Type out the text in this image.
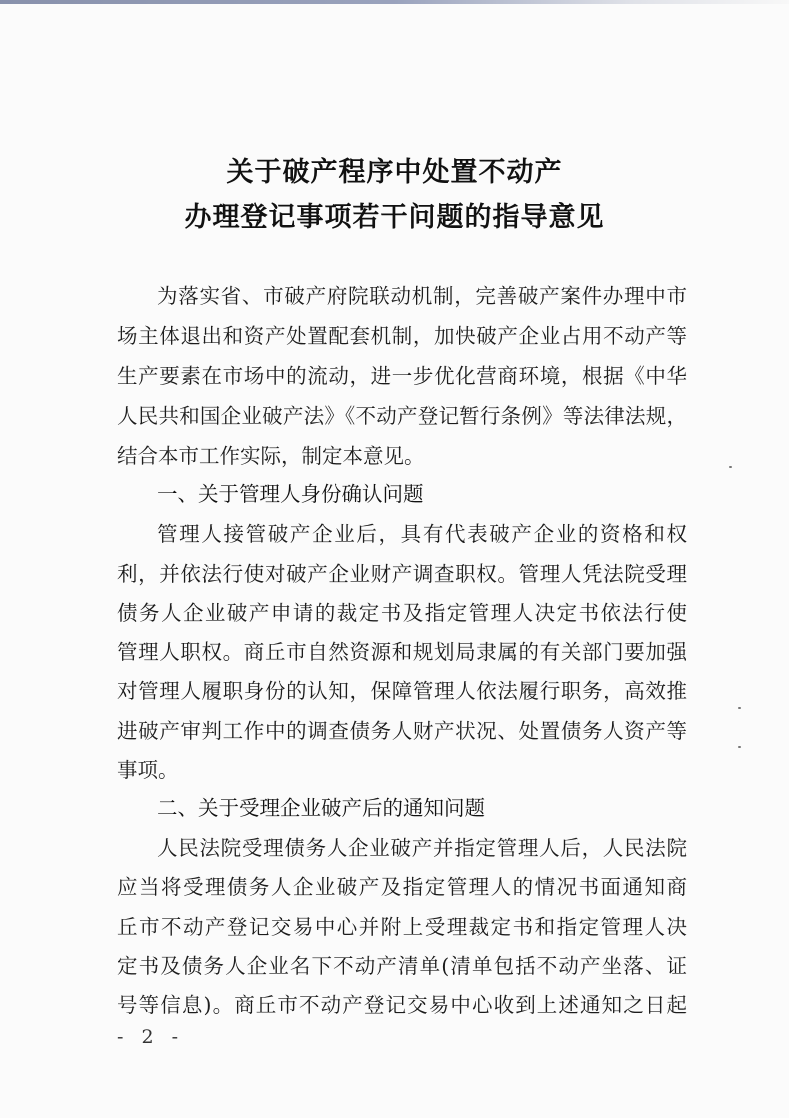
关于破产程序中处置不动产
办理登记事项若干问题的指导意见
为落实省、市破产府院联动机制，完善破产案件办理中市
场主体退出和资产处置配套机制，加快破产企业占用不动产等
生产要素在市场中的流动，进一步优化营商环境，根据《中华
人民共和国企业破产法》《不动产登记暂行条例》等法律法规，
结合本市工作实际，制定本意见。
一、关于管理人身份确认问题
管理人接管破产企业后，具有代表破产企业的资格和权
利，并依法行使对破产企业财产调查职权。管理人凭法院受理
债务人企业破产申请的裁定书及指定管理人决定书依法行使
管理人职权。商丘市自然资源和规划局隶属的有关部门要加强
对管理人履职身份的认知，保障管理人依法履行职务，高效推
进破产审判工作中的调查债务人财产状况、处置债务人资产等
事项。
二、关于受理企业破产后的通知问题
人民法院受理债务人企业破产并指定管理人后，人民法院
应当将受理债务人企业破产及指定管理人的情况书面通知商
丘市不动产登记交易中心并附上受理裁定书和指定管理人决
定书及债务人企业名下不动产清单(清单包括不动产坐落、证
号等信息)。商丘市不动产登记交易中心收到上述通知之日起
- 2 -
